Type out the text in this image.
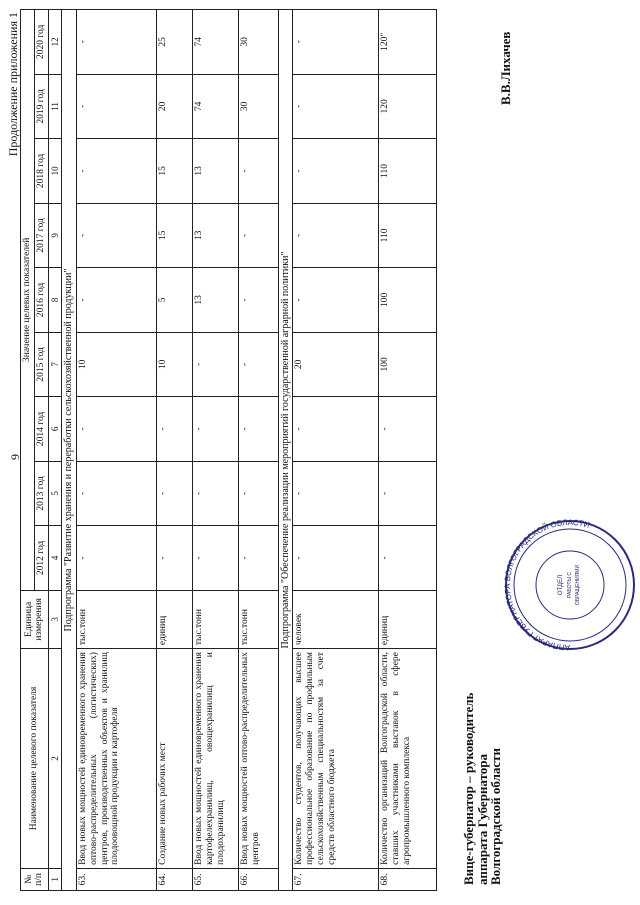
9
Продолжение приложения 1
№ п/п	Наименование целевого показателя	Единица измерения	Значение целевых показателей								
			2012 год	2013 год	2014 год	2015 год	2016 год	2017 год	2018 год	2019 год	2020 год
1	2	3	4	5	6	7	8	9	10	11	12
Подпрограмма "Развитие хранения и переработки сельскохозяйственной продукции"											
63.	Ввод новых мощностей единовременного хранения оптово-распределительных (логистических) центров, производственных объектов и хранилищ плодоовощной продукции и картофеля	тыс.тонн	-	-	-	10	-	-	-	-	-
64.	Создание новых рабочих мест	единиц	-	-	-	10	5	15	15	20	25
65.	Ввод новых мощностей единовременного хранения картофелехранилищ, овощехранилищ и плодохранилищ	тыс.тонн	-	-	-	-	13	13	13	74	74
66.	Ввод новых мощностей оптово-распределительных центров	тыс.тонн	-	-	-	-	-	-	-	30	30
Подпрограмма "Обеспечение реализации мероприятий государственной аграрной политики"											
67.	Количество студентов, получающих высшее профессиональное образование по профильным сельскохозяйственным специальностям за счет средств областного бюджета	человек	-	-	-	20	-	-	-	-	-
68.	Количество организаций Волгоградской области, ставших участниками выставок в сфере агропромышленного комплекса	единиц	-	-	-	100	100	110	110	120	120"
Вице-губернатор – руководитель
аппарата Губернатора
Волгоградской области
В.В.Лихачев
АППАРАТ ГУБЕРНАТОРА ВОЛГОГРАДСКОЙ ОБЛАСТИ
ОТДЕЛ РАБОТЫ С ОБРАЩЕНИЯМИ
